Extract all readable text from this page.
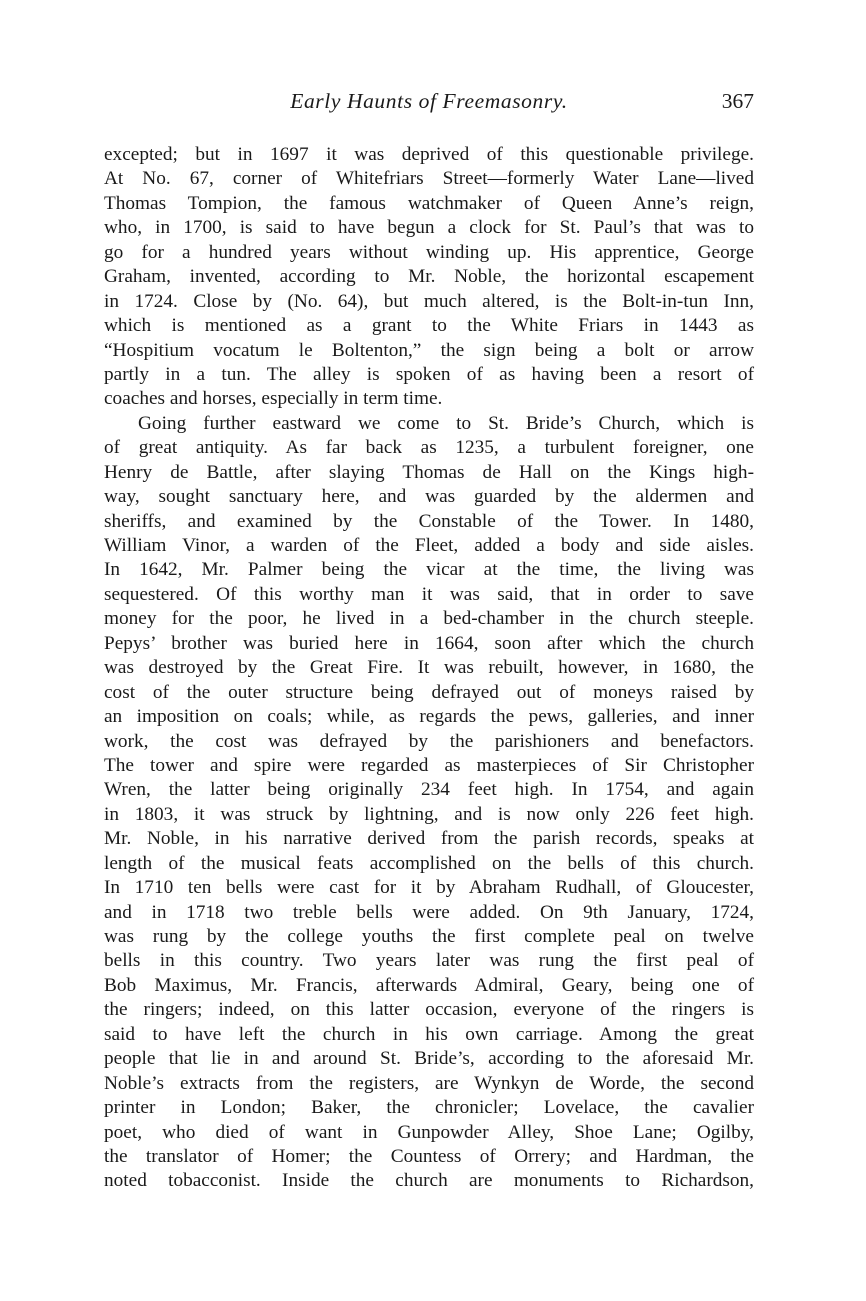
Early Haunts of Freemasonry.	367
excepted; but in 1697 it was deprived of this questionable privilege.
At No. 67, corner of Whitefriars Street—formerly Water Lane—lived
Thomas Tompion, the famous watchmaker of Queen Anne’s reign,
who, in 1700, is said to have begun a clock for St. Paul’s that was to
go for a hundred years without winding up. His apprentice, George
Graham, invented, according to Mr. Noble, the horizontal escapement
in 1724. Close by (No. 64), but much altered, is the Bolt-in-tun Inn,
which is mentioned as a grant to the White Friars in 1443 as
“Hospitium vocatum le Boltenton,” the sign being a bolt or arrow
partly in a tun. The alley is spoken of as having been a resort of
coaches and horses, especially in term time.
Going further eastward we come to St. Bride’s Church, which is
of great antiquity. As far back as 1235, a turbulent foreigner, one
Henry de Battle, after slaying Thomas de Hall on the Kings high-
way, sought sanctuary here, and was guarded by the aldermen and
sheriffs, and examined by the Constable of the Tower. In 1480,
William Vinor, a warden of the Fleet, added a body and side aisles.
In 1642, Mr. Palmer being the vicar at the time, the living was
sequestered. Of this worthy man it was said, that in order to save
money for the poor, he lived in a bed-chamber in the church steeple.
Pepys’ brother was buried here in 1664, soon after which the church
was destroyed by the Great Fire. It was rebuilt, however, in 1680, the
cost of the outer structure being defrayed out of moneys raised by
an imposition on coals; while, as regards the pews, galleries, and inner
work, the cost was defrayed by the parishioners and benefactors.
The tower and spire were regarded as masterpieces of Sir Christopher
Wren, the latter being originally 234 feet high. In 1754, and again
in 1803, it was struck by lightning, and is now only 226 feet high.
Mr. Noble, in his narrative derived from the parish records, speaks at
length of the musical feats accomplished on the bells of this church.
In 1710 ten bells were cast for it by Abraham Rudhall, of Gloucester,
and in 1718 two treble bells were added. On 9th January, 1724,
was rung by the college youths the first complete peal on twelve
bells in this country. Two years later was rung the first peal of
Bob Maximus, Mr. Francis, afterwards Admiral, Geary, being one of
the ringers; indeed, on this latter occasion, everyone of the ringers is
said to have left the church in his own carriage. Among the great
people that lie in and around St. Bride’s, according to the aforesaid Mr.
Noble’s extracts from the registers, are Wynkyn de Worde, the second
printer in London; Baker, the chronicler; Lovelace, the cavalier
poet, who died of want in Gunpowder Alley, Shoe Lane; Ogilby,
the translator of Homer; the Countess of Orrery; and Hardman, the
noted tobacconist. Inside the church are monuments to Richardson,
